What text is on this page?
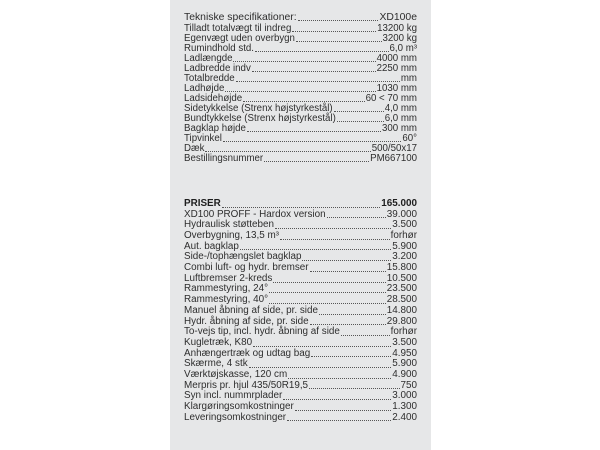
Tekniske specifikationer:	XD100e
Tilladt totalvægt til indreg	13200 kg
Egenvægt uden overbygn	3200 kg
Rumindhold std.	6,0 m³
Ladlængde	4000 mm
Ladbredde indv	2250 mm
Totalbredde	mm
Ladhøjde	1030 mm
Ladsidehøjde	60 < 70 mm
Sidetykkelse (Strenx højstyrkestål)	4,0 mm
Bundtykkelse (Strenx højstyrkestål)	6,0 mm
Bagklap højde	300 mm
Tipvinkel	60°
Dæk	500/50x17
Bestillingsnummer	PM667100
PRISER	165.000
XD100 PROFF - Hardox version	39.000
Hydraulisk støtteben	3.500
Overbygning, 13,5 m³	forhør
Aut. bagklap	5.900
Side-/tophængslet bagklap	3.200
Combi luft- og hydr. bremser	15.800
Luftbremser 2-kreds	10.500
Rammestyring, 24°	23.500
Rammestyring, 40°	28.500
Manuel åbning af side, pr. side	14.800
Hydr. åbning af side, pr. side	29.800
To-vejs tip, incl. hydr. åbning af side	forhør
Kugletræk, K80	3.500
Anhængertræk og udtag bag	4.950
Skærme, 4 stk	5.900
Værktøjskasse, 120 cm	4.900
Merpris pr. hjul 435/50R19,5	750
Syn incl. nummrplader	3.000
Klargøringsomkostninger	1.300
Leveringsomkostninger	2.400
